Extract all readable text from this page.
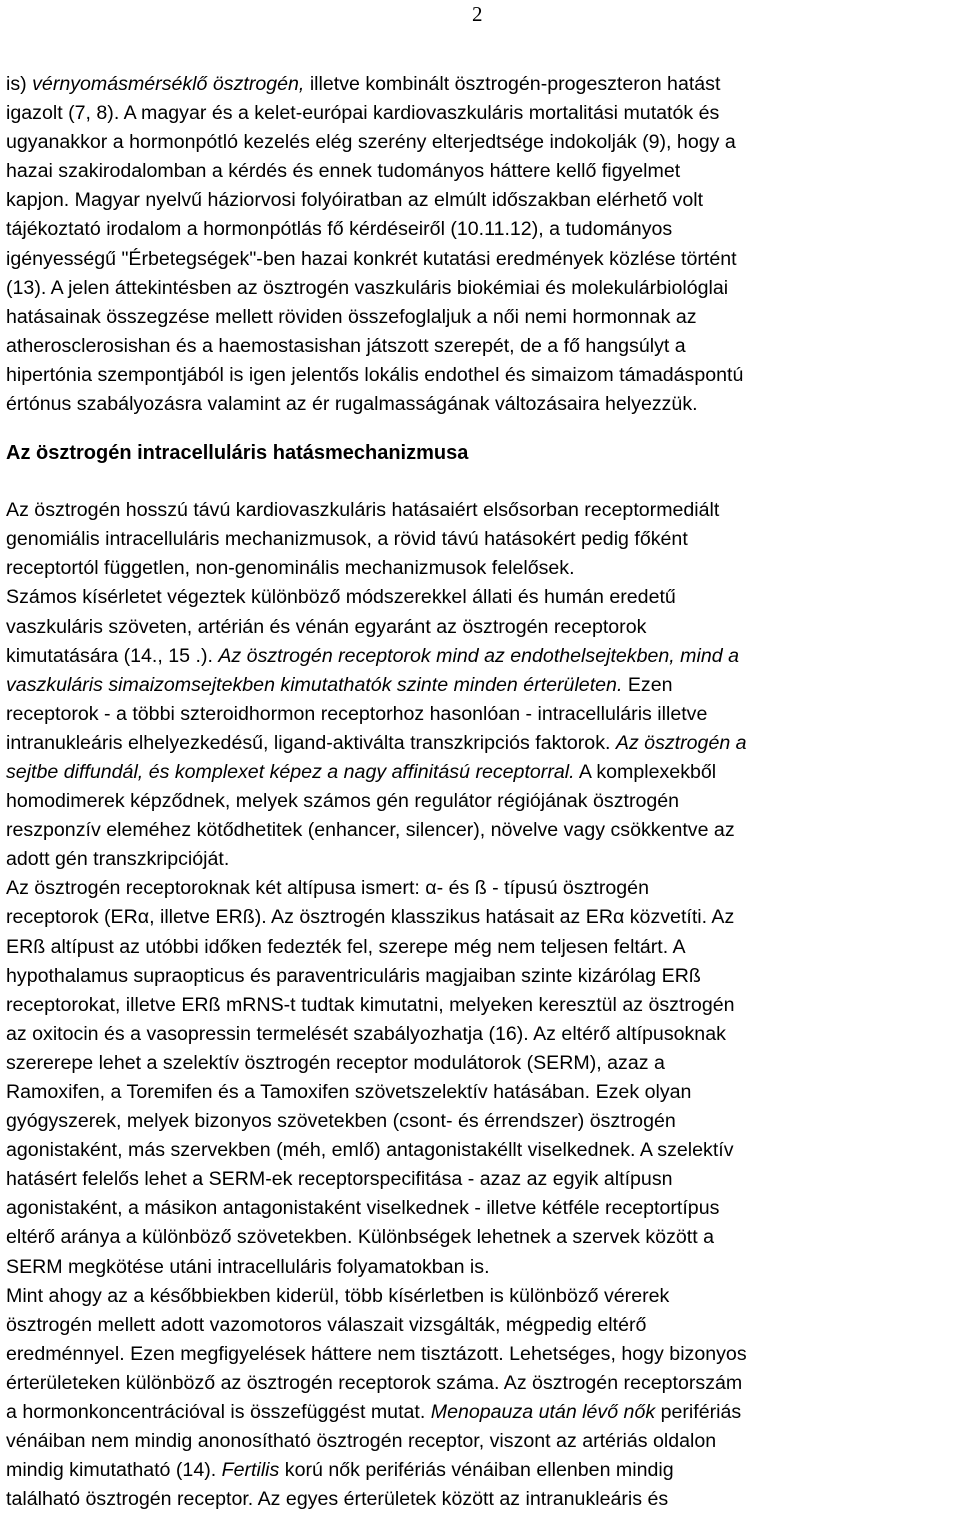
2
is) vérnyomásmérséklő ösztrogén, illetve kombinált ösztrogén-progeszteron hatást
igazolt (7, 8). A magyar és a kelet-európai kardiovaszkuláris mortalitási mutatók és
ugyanakkor a hormonpótló kezelés elég szerény elterjedtsége indokolják (9), hogy a
hazai szakirodalomban a kérdés és ennek tudományos háttere kellő figyelmet
kapjon. Magyar nyelvű háziorvosi folyóiratban az elmúlt időszakban elérhető volt
tájékoztató irodalom a hormonpótlás fő kérdéseiről (10.11.12), a tudományos
igényességű "Érbetegségek"-ben hazai konkrét kutatási eredmények közlése történt
(13). A jelen áttekintésben az ösztrogén vaszkuláris biokémiai és molekulárbiológlai
hatásainak összegzése mellett röviden összefoglaljuk a női nemi hormonnak az
atherosclerosishan és a haemostasishan játszott szerepét, de a fő hangsúlyt a
hipertónia szempontjából is igen jelentős lokális endothel és simaizom támadáspontú
értónus szabályozásra valamint az ér rugalmasságának változásaira helyezzük.
Az ösztrogén intracelluláris hatásmechanizmusa
Az ösztrogén hosszú távú kardiovaszkuláris hatásaiért elsősorban receptormediált
genomiális intracelluláris mechanizmusok, a rövid távú hatásokért pedig főként
receptortól független, non-genominális mechanizmusok felelősek.
Számos kísérletet végeztek különböző módszerekkel állati és humán eredetű
vaszkuláris szöveten, artérián és vénán egyaránt az ösztrogén receptorok
kimutatására (14., 15 .). Az ösztrogén receptorok mind az endothelsejtekben, mind a
vaszkuláris simaizomsejtekben kimutathatók szinte minden érterületen. Ezen
receptorok - a többi szteroidhormon receptorhoz hasonlóan - intracelluláris illetve
intranukleáris elhelyezkedésű, ligand-aktiválta transzkripciós faktorok. Az ösztrogén a
sejtbe diffundál, és komplexet képez a nagy affinitású receptorral. A komplexekből
homodimerek képződnek, melyek számos gén regulátor régiójának ösztrogén
reszponzív eleméhez kötődhetitek (enhancer, silencer), növelve vagy csökkentve az
adott gén transzkripcióját.
Az ösztrogén receptoroknak két altípusa ismert: α- és ß - típusú ösztrogén
receptorok (ERα, illetve ERß). Az ösztrogén klasszikus hatásait az ERα közvetíti. Az
ERß altípust az utóbbi időken fedezték fel, szerepe még nem teljesen feltárt. A
hypothalamus supraopticus és paraventriculáris magjaiban szinte kizárólag ERß
receptorokat, illetve ERß mRNS-t tudtak kimutatni, melyeken keresztül az ösztrogén
az oxitocin és a vasopressin termelését szabályozhatja (16). Az eltérő altípusoknak
szererepe lehet a szelektív ösztrogén receptor modulátorok (SERM), azaz a
Ramoxifen, a Toremifen és a Tamoxifen szövetszelektív hatásában. Ezek olyan
gyógyszerek, melyek bizonyos szövetekben (csont- és érrendszer) ösztrogén
agonistaként, más szervekben (méh, emlő) antagonistakéllt viselkednek. A szelektív
hatásért felelős lehet a SERM-ek receptorspecifitása - azaz az egyik altípusn
agonistaként, a másikon antagonistaként viselkednek - illetve kétféle receptortípus
eltérő aránya a különböző szövetekben. Különbségek lehetnek a szervek között a
SERM megkötése utáni intracelluláris folyamatokban is.
Mint ahogy az a későbbiekben kiderül, több kísérletben is különböző vérerek
ösztrogén mellett adott vazomotoros válaszait vizsgálták, mégpedig eltérő
eredménnyel. Ezen megfigyelések háttere nem tisztázott. Lehetséges, hogy bizonyos
érterületeken különböző az ösztrogén receptorok száma. Az ösztrogén receptorszám
a hormonkoncentrációval is összefüggést mutat. Menopauza után lévő nők perifériás
vénáiban nem mindig anonosítható ösztrogén receptor, viszont az artériás oldalon
mindig kimutatható (14). Fertilis korú nők perifériás vénáiban ellenben mindig
található ösztrogén receptor. Az egyes érterületek között az intranukleáris és
